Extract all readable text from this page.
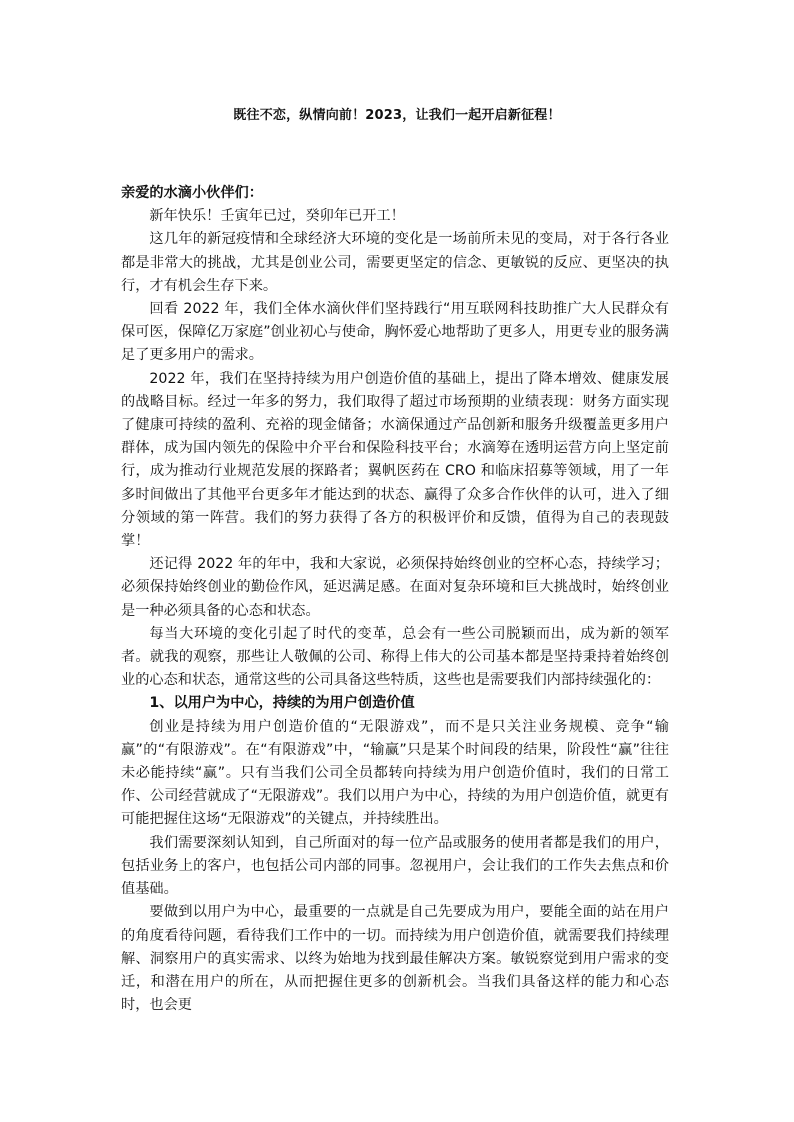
既往不恋，纵情向前！2023，让我们一起开启新征程！

亲爱的水滴小伙伴们：

新年快乐！壬寅年已过，癸卯年已开工！

这几年的新冠疫情和全球经济大环境的变化是一场前所未见的变局，对于各行各业都是非常大的挑战，尤其是创业公司，需要更坚定的信念、更敏锐的反应、更坚决的执行，才有机会生存下来。

回看 2022 年，我们全体水滴伙伴们坚持践行“用互联网科技助推广大人民群众有保可医，保障亿万家庭”创业初心与使命，胸怀爱心地帮助了更多人，用更专业的服务满足了更多用户的需求。

2022 年，我们在坚持持续为用户创造价值的基础上，提出了降本增效、健康发展的战略目标。经过一年多的努力，我们取得了超过市场预期的业绩表现：财务方面实现了健康可持续的盈利、充裕的现金储备；水滴保通过产品创新和服务升级覆盖更多用户群体，成为国内领先的保险中介平台和保险科技平台；水滴筹在透明运营方向上坚定前行，成为推动行业规范发展的探路者；翼帆医药在 CRO 和临床招募等领域，用了一年多时间做出了其他平台更多年才能达到的状态、赢得了众多合作伙伴的认可，进入了细分领域的第一阵营。我们的努力获得了各方的积极评价和反馈，值得为自己的表现鼓掌！

还记得 2022 年的年中，我和大家说，必须保持始终创业的空杯心态，持续学习；必须保持始终创业的勤俭作风，延迟满足感。在面对复杂环境和巨大挑战时，始终创业是一种必须具备的心态和状态。

每当大环境的变化引起了时代的变革，总会有一些公司脱颖而出，成为新的领军者。就我的观察，那些让人敬佩的公司、称得上伟大的公司基本都是坚持秉持着始终创业的心态和状态，通常这些的公司具备这些特质，这些也是需要我们内部持续强化的：

1、以用户为中心，持续的为用户创造价值

创业是持续为用户创造价值的“无限游戏”，而不是只关注业务规模、竞争“输赢”的“有限游戏”。在“有限游戏”中，“输赢”只是某个时间段的结果，阶段性“赢”往往未必能持续“赢”。只有当我们公司全员都转向持续为用户创造价值时，我们的日常工作、公司经营就成了“无限游戏”。我们以用户为中心，持续的为用户创造价值，就更有可能把握住这场“无限游戏”的关键点，并持续胜出。

我们需要深刻认知到，自己所面对的每一位产品或服务的使用者都是我们的用户，包括业务上的客户，也包括公司内部的同事。忽视用户，会让我们的工作失去焦点和价值基础。

要做到以用户为中心，最重要的一点就是自己先要成为用户，要能全面的站在用户的角度看待问题，看待我们工作中的一切。而持续为用户创造价值，就需要我们持续理解、洞察用户的真实需求、以终为始地为找到最佳解决方案。敏锐察觉到用户需求的变迁，和潜在用户的所在，从而把握住更多的创新机会。当我们具备这样的能力和心态时，也会更
